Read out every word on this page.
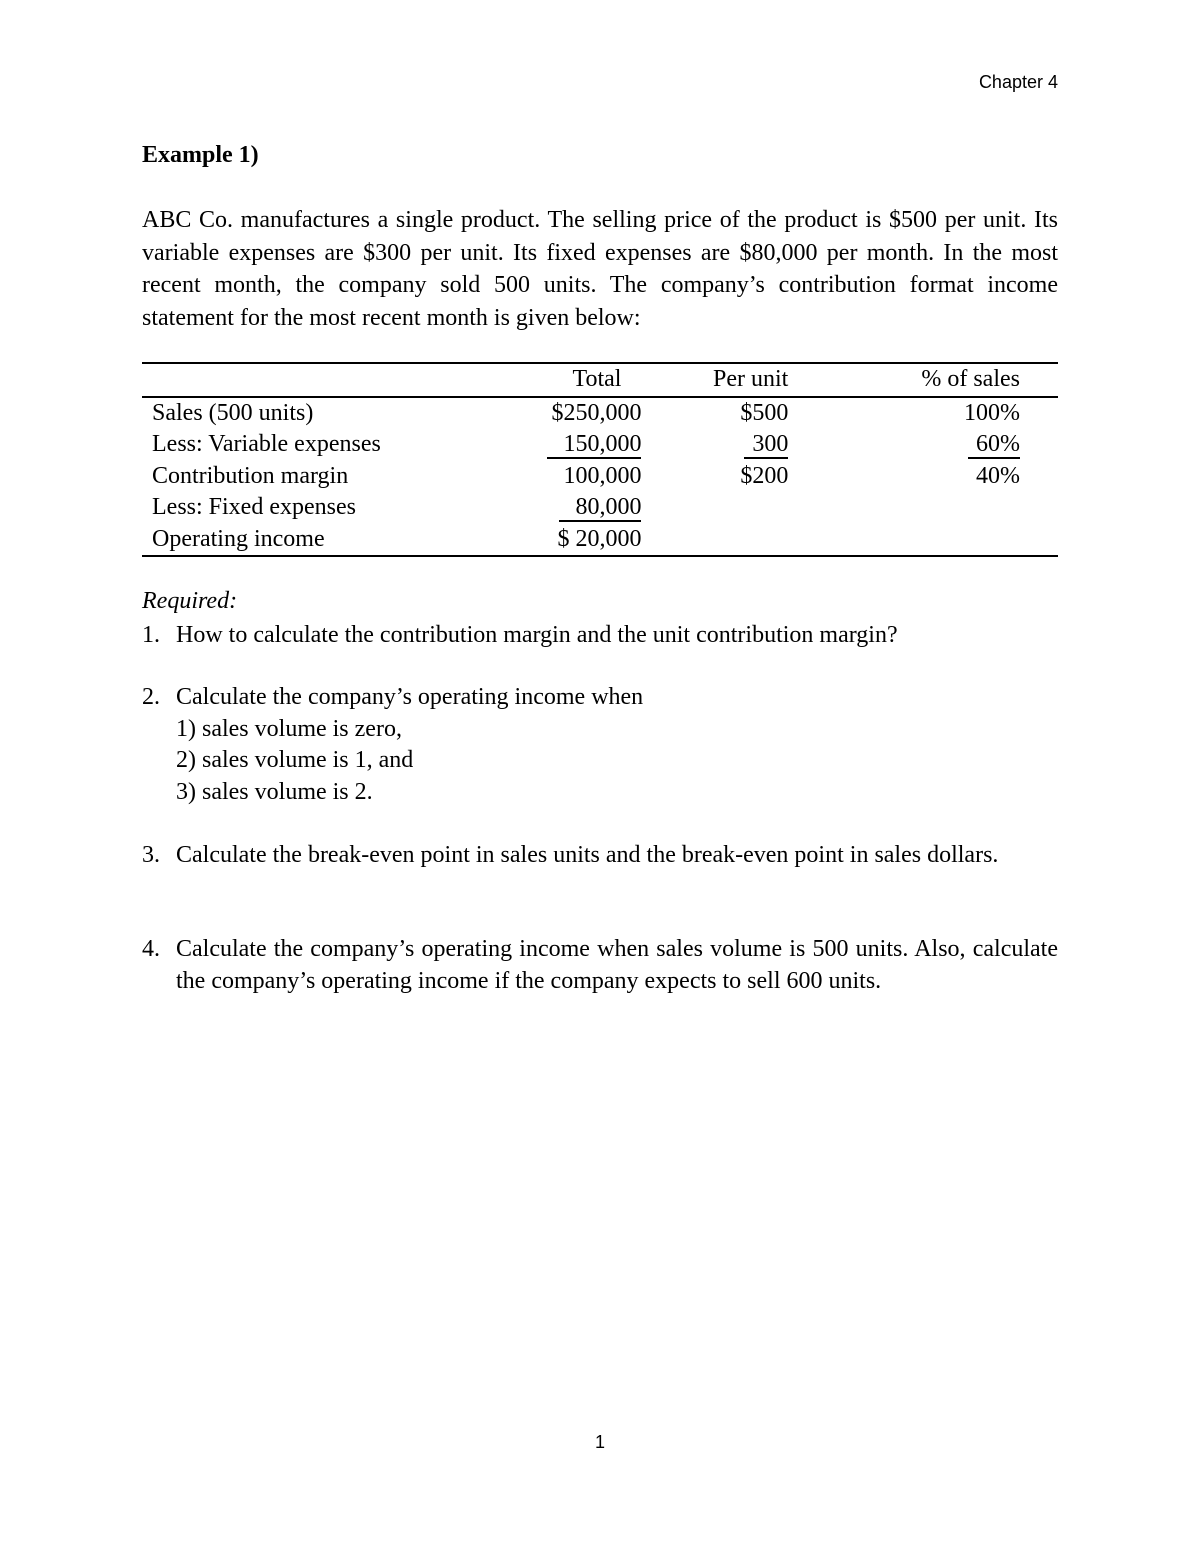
Chapter 4
Example 1)

ABC Co. manufactures a single product. The selling price of the product is $500 per unit. Its variable expenses are $300 per unit. Its fixed expenses are $80,000 per month. In the most recent month, the company sold 500 units. The company’s contribution format income statement for the most recent month is given below:

	Total	Per unit	% of sales
Sales (500 units)	$250,000	$500	100%
Less: Variable expenses	150,000	300	60%
Contribution margin	100,000	$200	40%
Less: Fixed expenses	80,000		
Operating income	$ 20,000		
Required:
1. How to calculate the contribution margin and the unit contribution margin?
2. Calculate the company’s operating income when
1) sales volume is zero,
2) sales volume is 1, and
3) sales volume is 2.
3. Calculate the break-even point in sales units and the break-even point in sales dollars.
4. Calculate the company’s operating income when sales volume is 500 units. Also, calculate the company’s operating income if the company expects to sell 600 units.
1
